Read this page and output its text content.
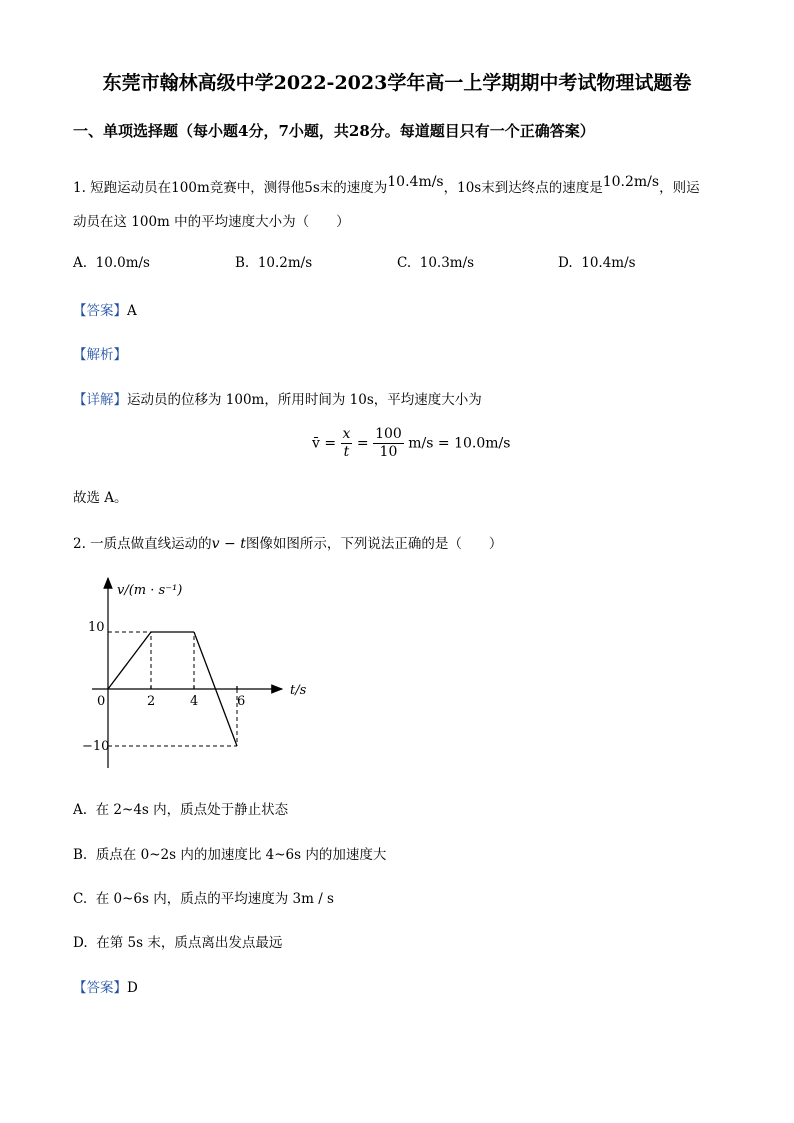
东莞市翰林高级中学2022-2023学年高一上学期期中考试物理试题卷
一、单项选择题（每小题4分，7小题，共28分。每道题目只有一个正确答案）
1. 短跑运动员在100m竞赛中，测得他5s末的速度为10.4m/s，10s末到达终点的速度是10.2m/s，则运
动员在这 100m 中的平均速度大小为（　　）
A. 10.0m/s	B. 10.2m/s	C. 10.3m/s	D. 10.4m/s
【答案】A
【解析】
【详解】运动员的位移为 100m，所用时间为 10s，平均速度大小为
v̄ = $\frac{x}{t} = \frac{100}{10} m/s = 10.0m/s$
故选 A。
2. 一质点做直线运动的v − t图像如图所示，下列说法正确的是（　　）
v/(m · s⁻¹)
t/s
0	2	4	6
10
−10
A. 在 2~4s 内，质点处于静止状态
B. 质点在 0~2s 内的加速度比 4~6s 内的加速度大
C. 在 0~6s 内，质点的平均速度为 3m / s
D. 在第 5s 末，质点离出发点最远
【答案】D
